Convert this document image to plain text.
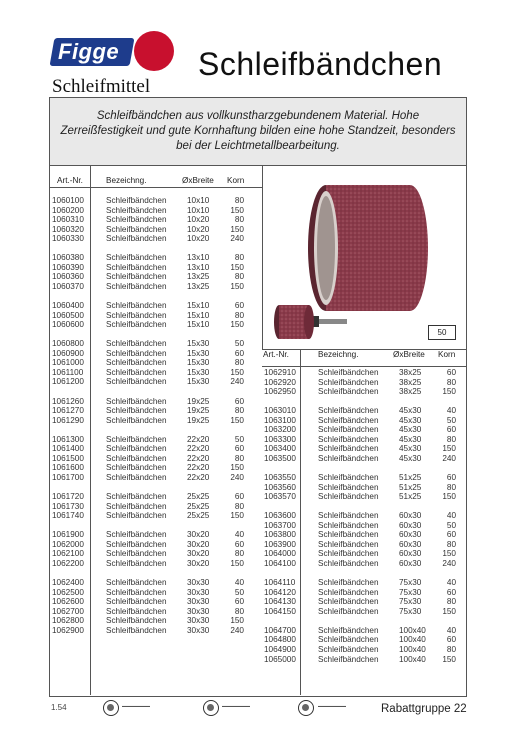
Figge
Schleifmittel
Schleifbändchen
Schleifbändchen aus vollkunstharzgebundenem Material. Hohe Zerreißfestigkeit und gute Kornhaftung bilden eine hohe Standzeit, besonders bei der Leichtmetallbearbeitung.
Art.-Nr.	Bezeichng.	ØxBreite Korn
Art.-Nr.	Bezeichng.	ØxBreite Korn
1060100	Schleifbändchen 10x10	80
1060200	Schleifbändchen 10x10	150
1060310	Schleifbändchen 10x20	80
1060320	Schleifbändchen 10x20	150
1060330	Schleifbändchen 10x20	240
1060380	Schleifbändchen 13x10	80
1060390	Schleifbändchen 13x10	150
1060360	Schleifbändchen 13x25	80
1060370	Schleifbändchen 13x25	150
1060400	Schleifbändchen 15x10	60
1060500	Schleifbändchen 15x10	80
1060600	Schleifbändchen 15x10	150
1060800	Schleifbändchen 15x30	50
1060900	Schleifbändchen 15x30	60
1061000	Schleifbändchen 15x30	80
1061100	Schleifbändchen 15x30	150
1061200	Schleifbändchen 15x30	240
1061260	Schleifbändchen 19x25	60
1061270	Schleifbändchen 19x25	80
1061290	Schleifbändchen 19x25	150
1061300	Schleifbändchen 22x20	50
1061400	Schleifbändchen 22x20	60
1061500	Schleifbändchen 22x20	80
1061600	Schleifbändchen 22x20	150
1061700	Schleifbändchen 22x20	240
1061720	Schleifbändchen 25x25	60
1061730	Schleifbändchen 25x25	80
1061740	Schleifbändchen 25x25	150
1061900	Schleifbändchen 30x20	40
1062000	Schleifbändchen 30x20	60
1062100	Schleifbändchen 30x20	80
1062200	Schleifbändchen 30x20	150
1062400	Schleifbändchen 30x30	40
1062500	Schleifbändchen 30x30	50
1062600	Schleifbändchen 30x30	60
1062700	Schleifbändchen 30x30	80
1062800	Schleifbändchen 30x30	150
1062900	Schleifbändchen 30x30	240
1062910	Schleifbändchen 38x25	60
1062920	Schleifbändchen 38x25	80
1062950	Schleifbändchen 38x25	150
1063010	Schleifbändchen 45x30	40
1063100	Schleifbändchen 45x30	50
1063200	Schleifbändchen 45x30	60
1063300	Schleifbändchen 45x30	80
1063400	Schleifbändchen 45x30	150
1063500	Schleifbändchen 45x30	240
1063550	Schleifbändchen 51x25	60
1063560	Schleifbändchen 51x25	80
1063570	Schleifbändchen 51x25	150
1063600	Schleifbändchen 60x30	40
1063700	Schleifbändchen 60x30	50
1063800	Schleifbändchen 60x30	60
1063900	Schleifbändchen 60x30	80
1064000	Schleifbändchen 60x30	150
1064100	Schleifbändchen 60x30	240
1064110	Schleifbändchen 75x30	40
1064120	Schleifbändchen 75x30	60
1064130	Schleifbändchen 75x30	80
1064150	Schleifbändchen 75x30	150
1064700	Schleifbändchen 100x40	40
1064800	Schleifbändchen 100x40	60
1064900	Schleifbändchen 100x40	80
1065000	Schleifbändchen 100x40	150
50
1.54	▬▬▬▬▬▬▬▬	▬▬▬▬▬▬▬▬	▬▬▬▬▬▬▬▬	Rabattgruppe 22
